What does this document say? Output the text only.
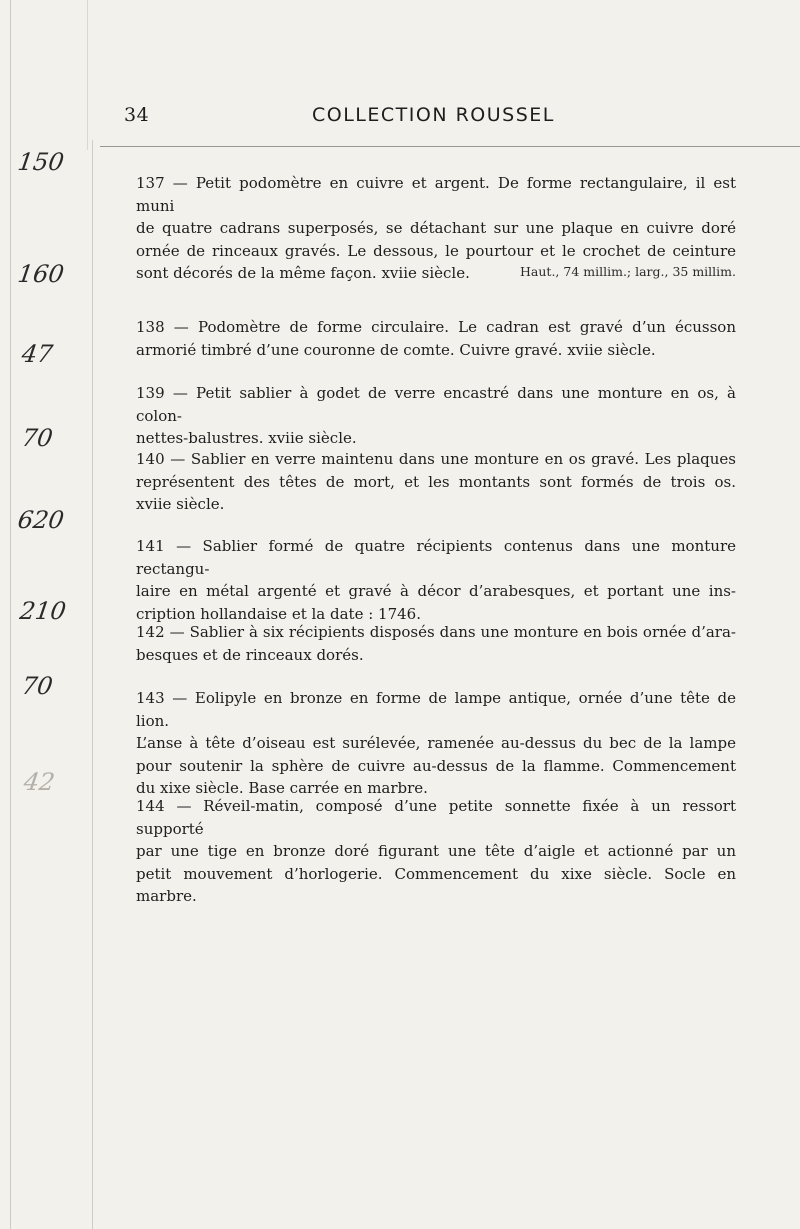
34	COLLECTION ROUSSEL
150
160
47
70
620
210
70
42
137 — Petit podomètre en cuivre et argent. De forme rectangulaire, il est muni
de quatre cadrans superposés, se détachant sur une plaque en cuivre doré
ornée de rinceaux gravés. Le dessous, le pourtour et le crochet de ceinture
sont décorés de la même façon. xviie siècle.	Haut., 74 millim.; larg., 35 millim.
138 — Podomètre de forme circulaire. Le cadran est gravé d’un écusson
armorié timbré d’une couronne de comte. Cuivre gravé. xviie siècle.
139 — Petit sablier à godet de verre encastré dans une monture en os, à colon-
nettes-balustres. xviie siècle.
140 — Sablier en verre maintenu dans une monture en os gravé. Les plaques
représentent des têtes de mort, et les montants sont formés de trois os.
xviie siècle.
141 — Sablier formé de quatre récipients contenus dans une monture rectangu-
laire en métal argenté et gravé à décor d’arabesques, et portant une ins-
cription hollandaise et la date : 1746.
142 — Sablier à six récipients disposés dans une monture en bois ornée d’ara-
besques et de rinceaux dorés.
143 — Eolipyle en bronze en forme de lampe antique, ornée d’une tête de lion.
L’anse à tête d’oiseau est surélevée, ramenée au-dessus du bec de la lampe
pour soutenir la sphère de cuivre au-dessus de la flamme. Commencement
du xixe siècle. Base carrée en marbre.
144 — Réveil-matin, composé d’une petite sonnette fixée à un ressort supporté
par une tige en bronze doré figurant une tête d’aigle et actionné par un
petit mouvement d’horlogerie. Commencement du xixe siècle. Socle en
marbre.
